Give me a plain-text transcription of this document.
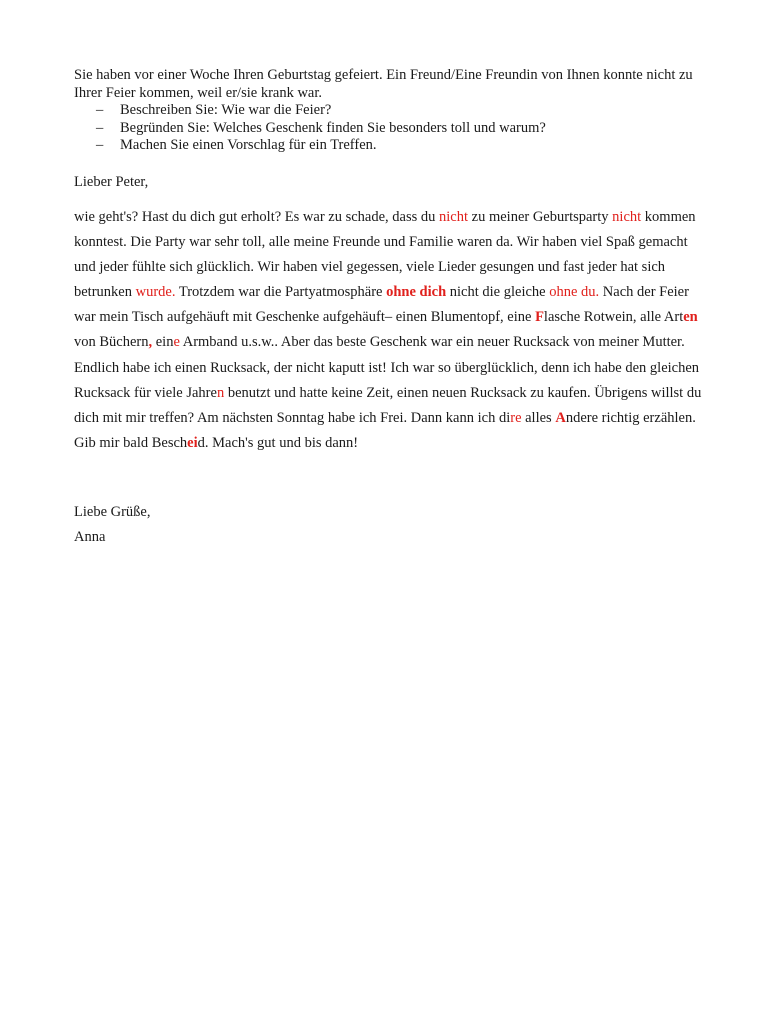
Sie haben vor einer Woche Ihren Geburtstag gefeiert. Ein Freund/Eine Freundin von Ihnen konnte nicht zu Ihrer Feier kommen, weil er/sie krank war.

– Beschreiben Sie: Wie war die Feier?
– Begründen Sie: Welches Geschenk finden Sie besonders toll und warum?
– Machen Sie einen Vorschlag für ein Treffen.
Lieber Peter,

wie geht's? Hast du dich gut erholt? Es war zu schade, dass du nicht zu meiner Geburtsparty nicht kommen konntest. Die Party war sehr toll, alle meine Freunde und Familie waren da. Wir haben viel Spaß gemacht und jeder fühlte sich glücklich. Wir haben viel gegessen, viele Lieder gesungen und fast jeder hat sich betrunken wurde. Trotzdem war die Partyatmosphäre ohne dich nicht die gleiche ohne du. Nach der Feier war mein Tisch aufgehäuft mit Geschenke aufgehäuft– einen Blumentopf, eine Flasche Rotwein, alle Arten von Büchern, eine Armband u.s.w.. Aber das beste Geschenk war ein neuer Rucksack von meiner Mutter. Endlich habe ich einen Rucksack, der nicht kaputt ist! Ich war so überglücklich, denn ich habe den gleichen Rucksack für viele Jahren benutzt und hatte keine Zeit, einen neuen Rucksack zu kaufen. Übrigens willst du dich mit mir treffen? Am nächsten Sonntag habe ich Frei. Dann kann ich dire alles Andere richtig erzählen. Gib mir bald Bescheid. Mach's gut und bis dann!

Liebe Grüße,
Anna
